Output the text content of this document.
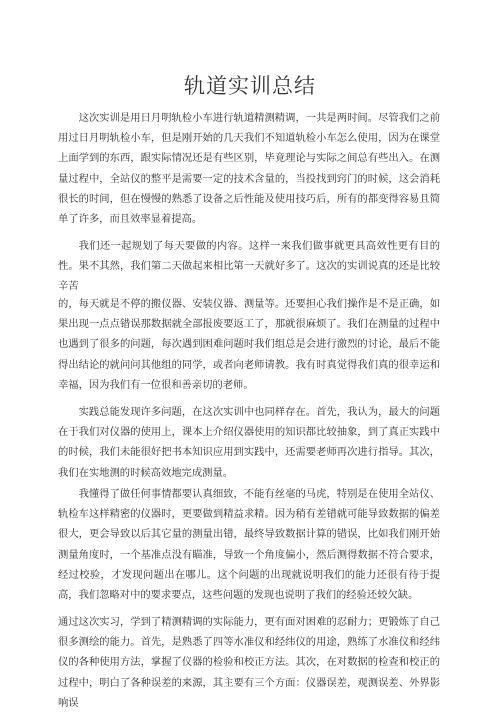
轨道实训总结

这次实训是用日月明轨检小车进行轨道精测精调，一共是两时间。尽管我们之前用过日月明轨检小车，但是刚开始的几天我们不知道轨检小车怎么使用，因为在课堂上面学到的东西，跟实际情况还是有些区别，毕竟理论与实际之间总有些出入。在测量过程中，全站仪的整平是需要一定的技术含量的，当投找到窍门的时候，这会消耗很长的时间，但在慢慢的熟悉了设备之后性能及使用技巧后，所有的都变得容易且简单了许多，而且效率显着提高。

我们还一起规划了每天要做的内容。这样一来我们做事就更具高效性更有目的性。果不其然，我们第二天做起来相比第一天就好多了。这次的实训说真的还是比较辛苦

的，每天就是不停的搬仪器、安装仪器、测量等。还要担心我们操作是不是正确，如果出现一点点错误那数据就全部报废要返工了，那就很麻烦了。我们在测量的过程中也遇到了很多的问题，每次遇到困难问题时我们组总是会进行激烈的讨论，最后不能得出结论的就问问其他组的同学，或者向老师请教。我有时真觉得我们真的很幸运和幸福，因为我们有一位很和善亲切的老师。

实践总能发现许多问题，在这次实训中也同样存在。首先，我认为，最大的问题在于我们对仪器的使用上，课本上介绍仪器使用的知识都比较抽象，到了真正实践中的时候，我们未能很好把书本知识应用到实践中，还需要老师再次进行指导。其次，我们在实地测的时候高效地完成测量。

我懂得了做任何事情都要认真细致，不能有丝毫的马虎，特别是在使用全站仪、轨检车这样精密的仪器时，更要做到精益求精。因为稍有差错就可能导致数据的偏差很大，更会导致以后其它量的测量出错，最终导致数据计算的错误，比如我们刚开始测量角度时，一个基准点没有瞄准，导致一个角度偏小，然后测得数据不符合要求，经过校验，才发现问题出在哪儿。这个问题的出现就说明我们的能力还很有待于提高，我们忽略对中的要求要点，这些问题的发现也说明了我们的经验还较欠缺。

通过这次实习，学到了精测精调的实际能力，更有面对困难的忍耐力；更锻炼了自己很多测绘的能力。首先，是熟悉了四等水准仪和经纬仪的用途，熟练了水准仪和经纬仪的各种使用方法，掌握了仪器的检验和校正方法。其次，在对数据的检查和校正的过程中，明白了各种误差的来源，其主要有三个方面：仪器误差，观测误差、外界影响误
